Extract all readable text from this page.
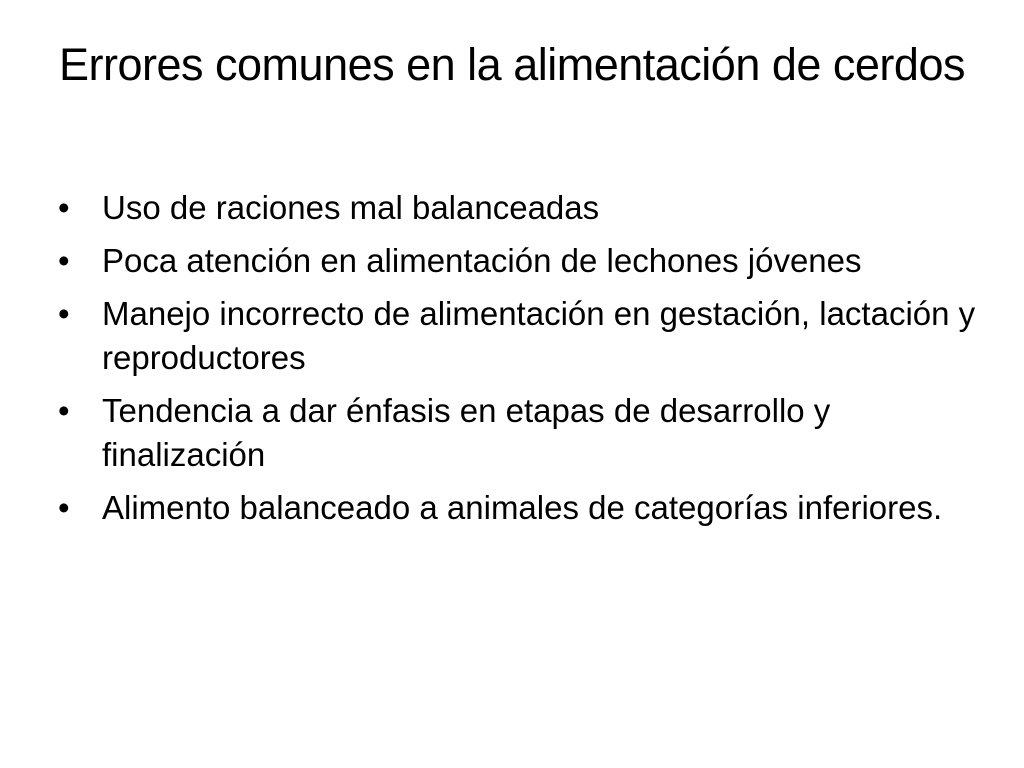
Errores comunes en la alimentación de cerdos
• Uso de raciones mal balanceadas
• Poca atención en alimentación de lechones jóvenes
• Manejo incorrecto de alimentación en gestación, lactación y reproductores
• Tendencia a dar énfasis en etapas de desarrollo y finalización
• Alimento balanceado a animales de categorías inferiores.
